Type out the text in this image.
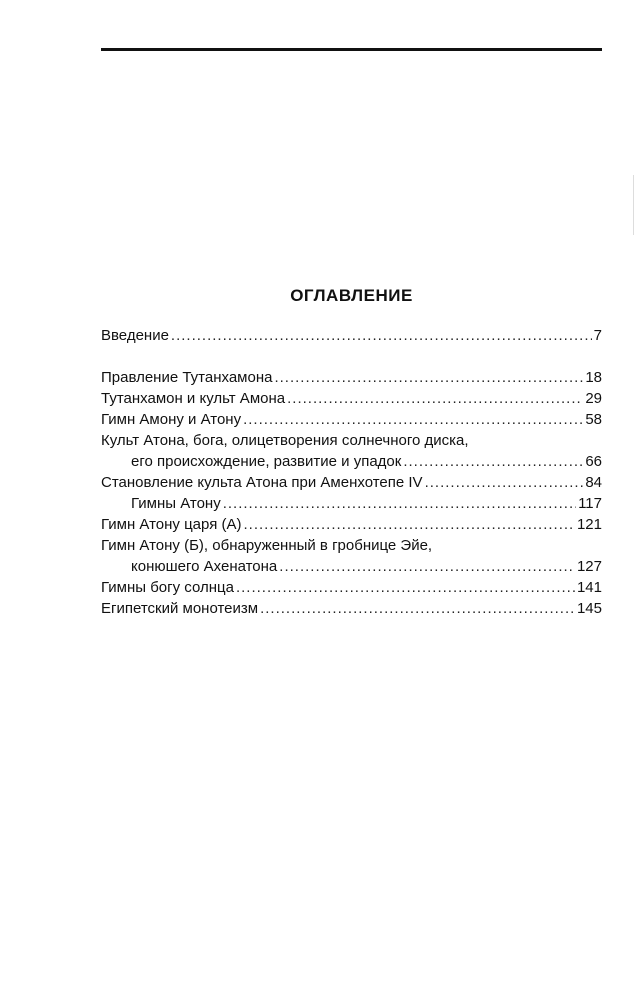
ОГЛАВЛЕНИЕ
Введение .....	7
Правление Тутанхамона .....	18
Тутанхамон и культ Амона .....	29
Гимн Амону и Атону .....	58
Культ Атона, бога, олицетворения солнечного диска,
его происхождение, развитие и упадок .....	66
Становление культа Атона при Аменхотепе IV .....	84
Гимны Атону .....	117
Гимн Атону царя (А) .....	121
Гимн Атону (Б), обнаруженный в гробнице Эйе,
конюшего Ахенатона .....	127
Гимны богу солнца .....	141
Египетский монотеизм .....	145
